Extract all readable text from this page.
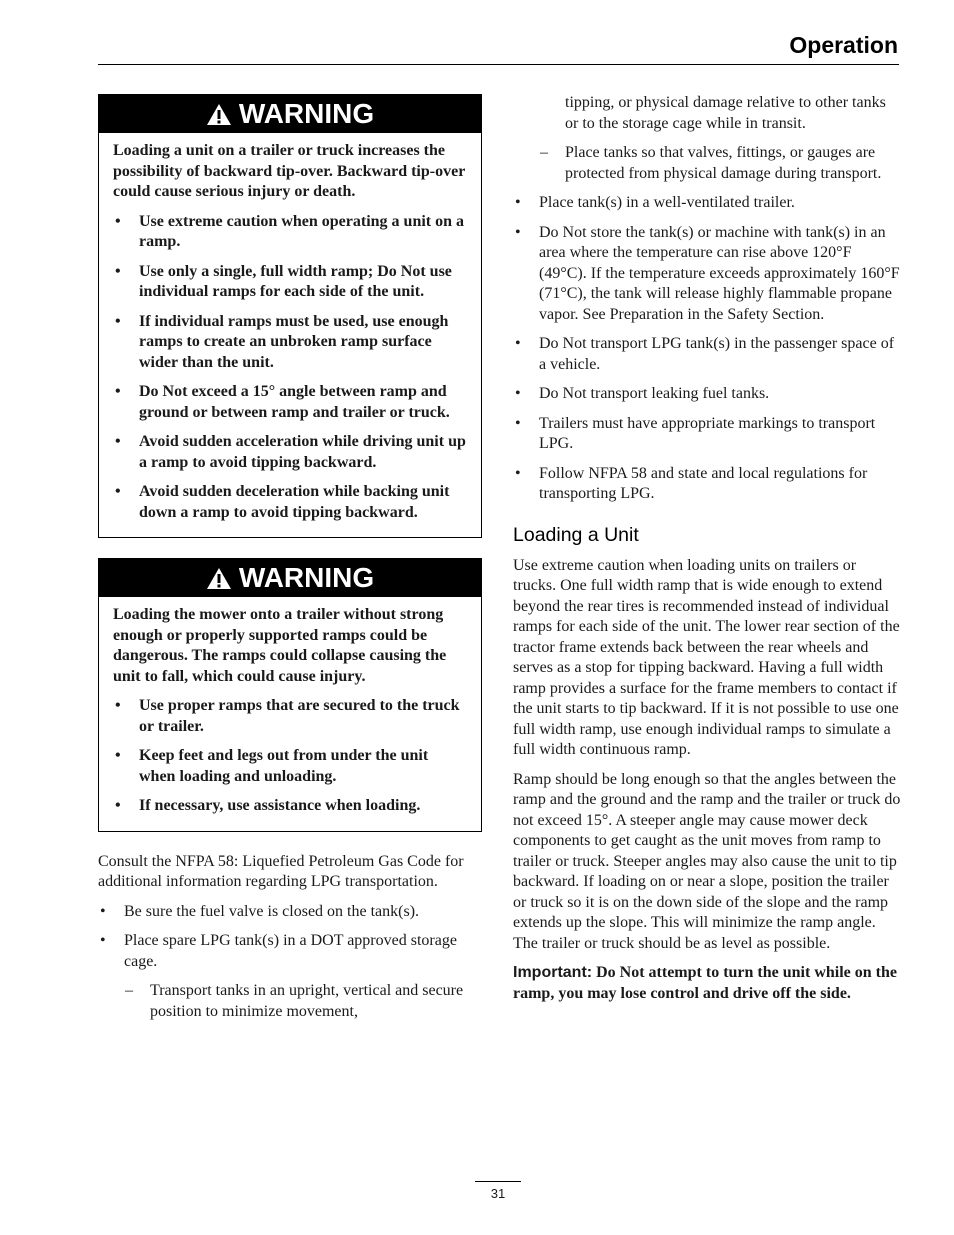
Operation
WARNING

Loading a unit on a trailer or truck increases the possibility of backward tip-over. Backward tip-over could cause serious injury or death.

• Use extreme caution when operating a unit on a ramp.
• Use only a single, full width ramp; Do Not use individual ramps for each side of the unit.
• If individual ramps must be used, use enough ramps to create an unbroken ramp surface wider than the unit.
• Do Not exceed a 15° angle between ramp and ground or between ramp and trailer or truck.
• Avoid sudden acceleration while driving unit up a ramp to avoid tipping backward.
• Avoid sudden deceleration while backing unit down a ramp to avoid tipping backward.
WARNING

Loading the mower onto a trailer without strong enough or properly supported ramps could be dangerous. The ramps could collapse causing the unit to fall, which could cause injury.

• Use proper ramps that are secured to the truck or trailer.
• Keep feet and legs out from under the unit when loading and unloading.
• If necessary, use assistance when loading.

Consult the NFPA 58: Liquefied Petroleum Gas Code for additional information regarding LPG transportation.

• Be sure the fuel valve is closed on the tank(s).
• Place spare LPG tank(s) in a DOT approved storage cage.
– Transport tanks in an upright, vertical and secure position to minimize movement,

tipping, or physical damage relative to other tanks or to the storage cage while in transit.

– Place tanks so that valves, fittings, or gauges are protected from physical damage during transport.
• Place tank(s) in a well-ventilated trailer.
• Do Not store the tank(s) or machine with tank(s) in an area where the temperature can rise above 120°F (49°C). If the temperature exceeds approximately 160°F (71°C), the tank will release highly flammable propane vapor. See Preparation in the Safety Section.
• Do Not transport LPG tank(s) in the passenger space of a vehicle.
• Do Not transport leaking fuel tanks.
• Trailers must have appropriate markings to transport LPG.
• Follow NFPA 58 and state and local regulations for transporting LPG.
Loading a Unit

Use extreme caution when loading units on trailers or trucks. One full width ramp that is wide enough to extend beyond the rear tires is recommended instead of individual ramps for each side of the unit. The lower rear section of the tractor frame extends back between the rear wheels and serves as a stop for tipping backward. Having a full width ramp provides a surface for the frame members to contact if the unit starts to tip backward. If it is not possible to use one full width ramp, use enough individual ramps to simulate a full width continuous ramp.

Ramp should be long enough so that the angles between the ramp and the ground and the ramp and the trailer or truck do not exceed 15°. A steeper angle may cause mower deck components to get caught as the unit moves from ramp to trailer or truck. Steeper angles may also cause the unit to tip backward. If loading on or near a slope, position the trailer or truck so it is on the down side of the slope and the ramp extends up the slope. This will minimize the ramp angle. The trailer or truck should be as level as possible.

Important: Do Not attempt to turn the unit while on the ramp, you may lose control and drive off the side.

31
